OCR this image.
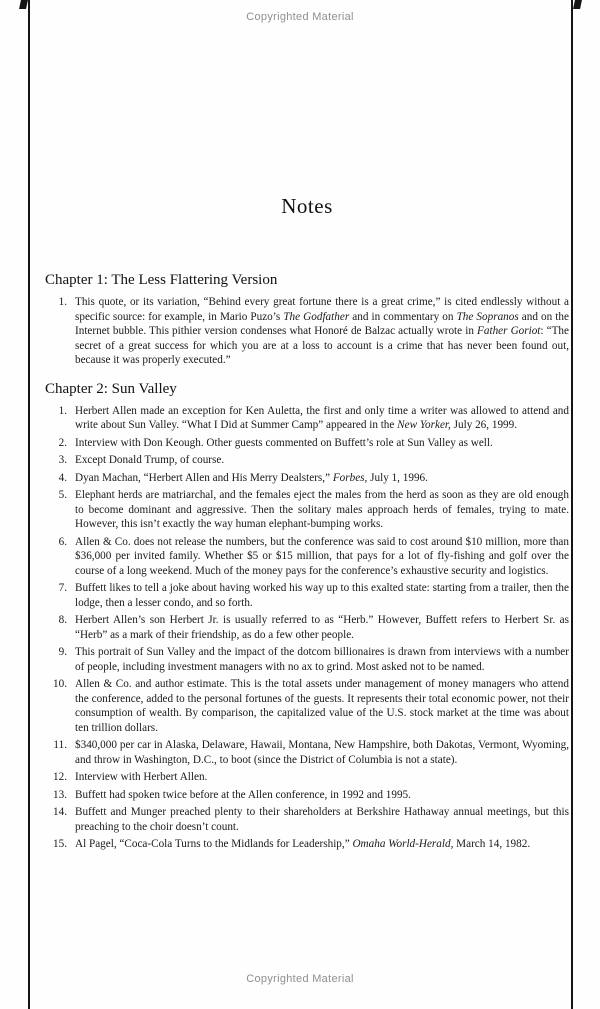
Copyrighted Material
Notes
Chapter 1: The Less Flattering Version
1. This quote, or its variation, “Behind every great fortune there is a great crime,” is cited endlessly without a specific source: for example, in Mario Puzo’s The Godfather and in commentary on The Sopranos and on the Internet bubble. This pithier version condenses what Honoré de Balzac actually wrote in Father Goriot: “The secret of a great success for which you are at a loss to account is a crime that has never been found out, because it was properly executed.”
Chapter 2: Sun Valley
1. Herbert Allen made an exception for Ken Auletta, the first and only time a writer was allowed to attend and write about Sun Valley. “What I Did at Summer Camp” appeared in the New Yorker, July 26, 1999.
2. Interview with Don Keough. Other guests commented on Buffett’s role at Sun Valley as well.
3. Except Donald Trump, of course.
4. Dyan Machan, “Herbert Allen and His Merry Dealsters,” Forbes, July 1, 1996.
5. Elephant herds are matriarchal, and the females eject the males from the herd as soon as they are old enough to become dominant and aggressive. Then the solitary males approach herds of females, trying to mate. However, this isn’t exactly the way human elephant-bumping works.
6. Allen & Co. does not release the numbers, but the conference was said to cost around $10 million, more than $36,000 per invited family. Whether $5 or $15 million, that pays for a lot of fly-fishing and golf over the course of a long weekend. Much of the money pays for the conference’s exhaustive security and logistics.
7. Buffett likes to tell a joke about having worked his way up to this exalted state: starting from a trailer, then the lodge, then a lesser condo, and so forth.
8. Herbert Allen’s son Herbert Jr. is usually referred to as “Herb.” However, Buffett refers to Herbert Sr. as “Herb” as a mark of their friendship, as do a few other people.
9. This portrait of Sun Valley and the impact of the dotcom billionaires is drawn from interviews with a number of people, including investment managers with no ax to grind. Most asked not to be named.
10. Allen & Co. and author estimate. This is the total assets under management of money managers who attend the conference, added to the personal fortunes of the guests. It represents their total economic power, not their consumption of wealth. By comparison, the capitalized value of the U.S. stock market at the time was about ten trillion dollars.
11. $340,000 per car in Alaska, Delaware, Hawaii, Montana, New Hampshire, both Dakotas, Vermont, Wyoming, and throw in Washington, D.C., to boot (since the District of Columbia is not a state).
12. Interview with Herbert Allen.
13. Buffett had spoken twice before at the Allen conference, in 1992 and 1995.
14. Buffett and Munger preached plenty to their shareholders at Berkshire Hathaway annual meetings, but this preaching to the choir doesn’t count.
15. Al Pagel, “Coca-Cola Turns to the Midlands for Leadership,” Omaha World-Herald, March 14, 1982.
Copyrighted Material
